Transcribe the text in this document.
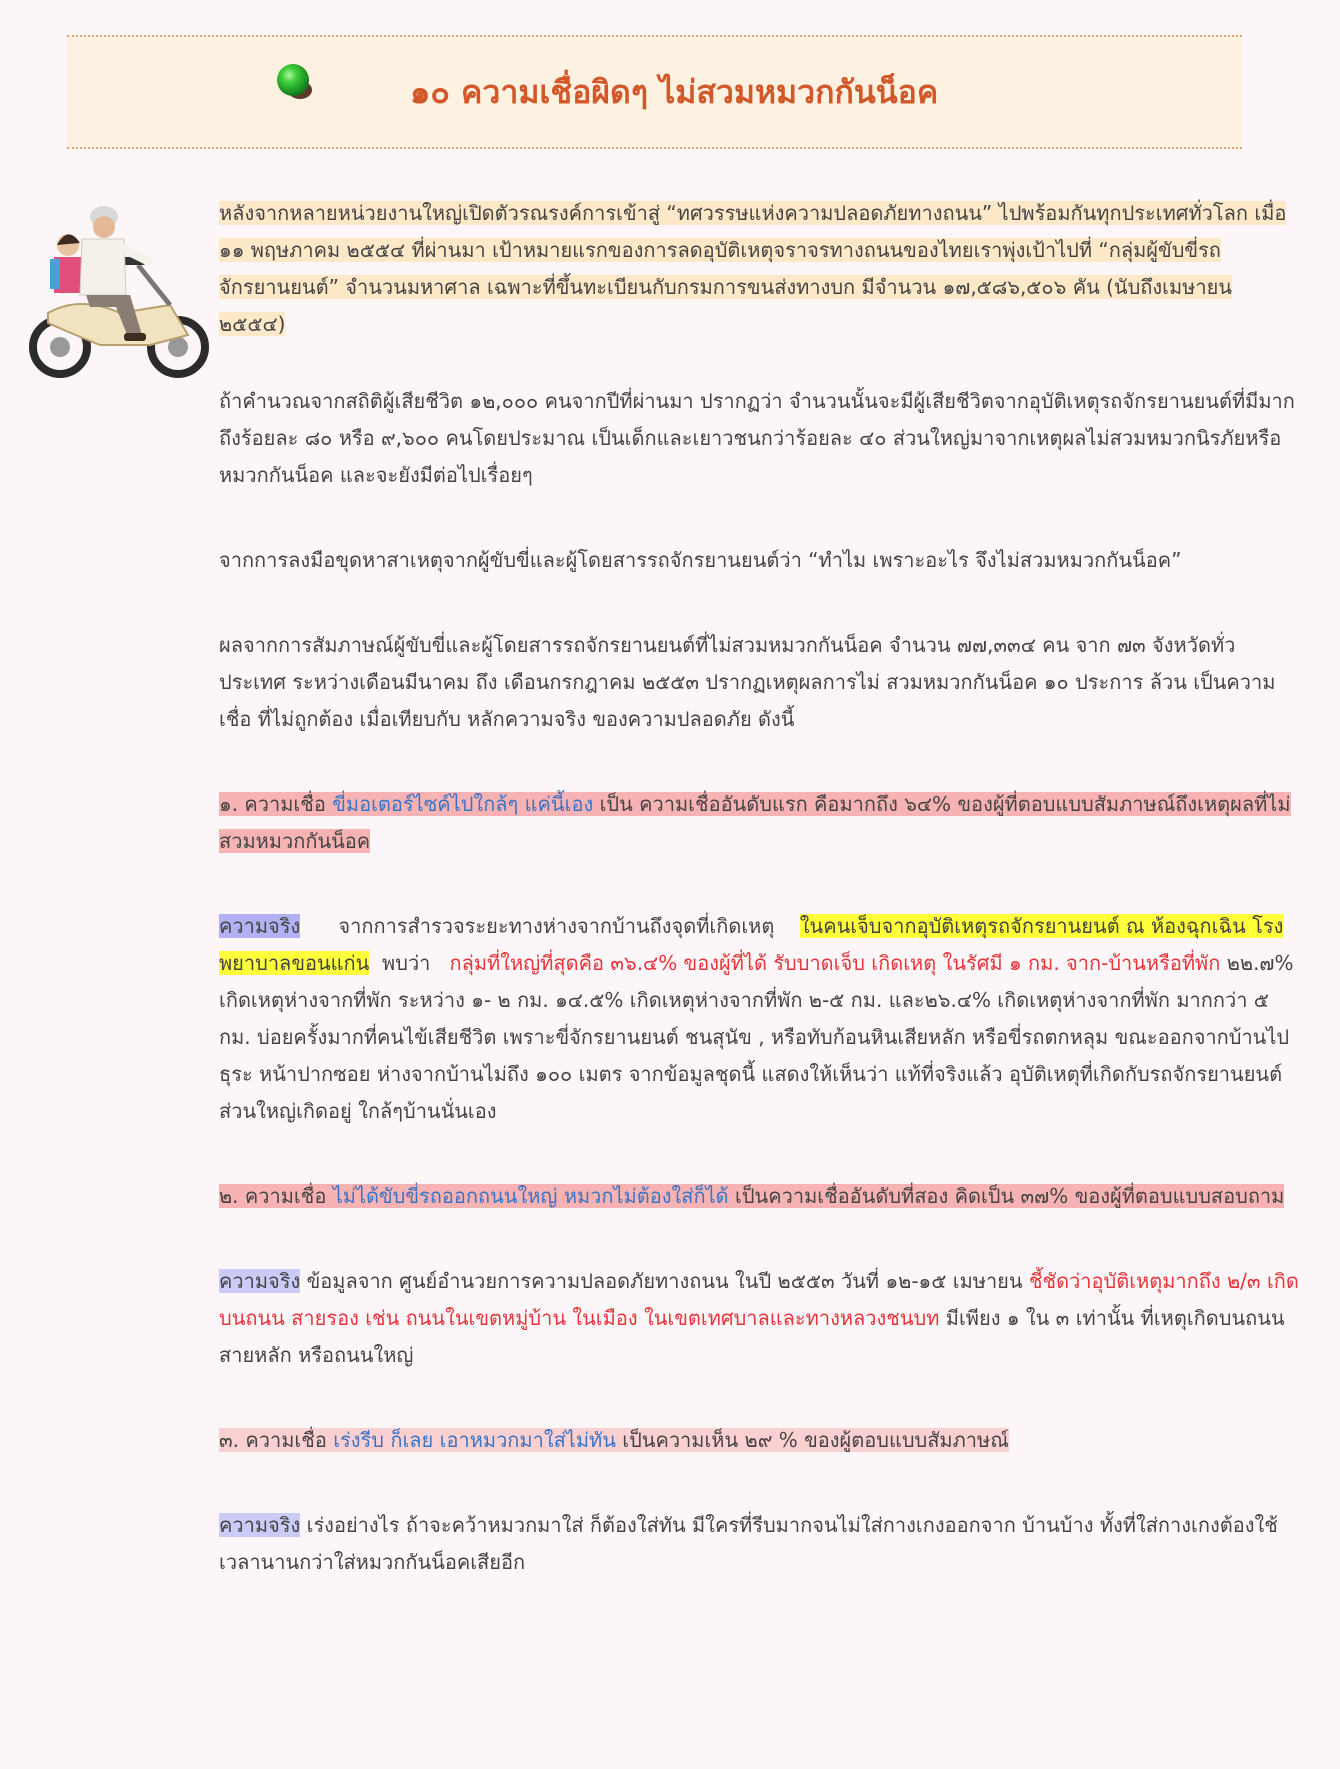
๑๐ ความเชื่อผิดๆ ไม่สวมหมวกกันน็อค

หลังจากหลายหน่วยงานใหญ่เปิดตัวรณรงค์การเข้าสู่ “ทศวรรษแห่งความปลอดภัยทางถนน” ไปพร้อมกันทุกประเทศทั่วโลก เมื่อ ๑๑ พฤษภาคม ๒๕๕๔ ที่ผ่านมา เป้าหมายแรกของการลดอุบัติเหตุจราจรทางถนนของไทยเราพุ่งเป้าไปที่ “กลุ่มผู้ขับขี่รถจักรยานยนต์” จำนวนมหาศาล เฉพาะที่ขึ้นทะเบียนกับกรมการขนส่งทางบก มีจำนวน ๑๗,๕๘๖,๕๐๖ คัน (นับถึงเมษายน ๒๕๕๔)

ถ้าคำนวณจากสถิติผู้เสียชีวิต ๑๒,๐๐๐ คนจากปีที่ผ่านมา ปรากฏว่า จำนวนนั้นจะมีผู้เสียชีวิตจากอุบัติเหตุรถจักรยานยนต์ที่มีมากถึงร้อยละ ๘๐ หรือ ๙,๖๐๐ คนโดยประมาณ เป็นเด็กและเยาวชนกว่าร้อยละ ๔๐ ส่วนใหญ่มาจากเหตุผลไม่สวมหมวกนิรภัยหรือหมวกกันน็อค และจะยังมีต่อไปเรื่อยๆ

จากการลงมือขุดหาสาเหตุจากผู้ขับขี่และผู้โดยสารรถจักรยานยนต์ว่า “ทำไม เพราะอะไร จึงไม่สวมหมวกกันน็อค”

ผลจากการสัมภาษณ์ผู้ขับขี่และผู้โดยสารรถจักรยานยนต์ที่ไม่สวมหมวกกันน็อค จำนวน ๗๗,๓๓๔ คน จาก ๗๓ จังหวัดทั่วประเทศ ระหว่างเดือนมีนาคม ถึง เดือนกรกฎาคม ๒๕๕๓ ปรากฏเหตุผลการไม่ สวมหมวกกันน็อค ๑๐ ประการ ล้วน เป็นความเชื่อ ที่ไม่ถูกต้อง เมื่อเทียบกับ หลักความจริง ของความปลอดภัย ดังนี้

๑. ความเชื่อ ขี่มอเตอร์ไซค์ไปใกล้ๆ แค่นี้เอง เป็น ความเชื่ออันดับแรก คือมากถึง ๖๔% ของผู้ที่ตอบแบบสัมภาษณ์ถึงเหตุผลที่ไม่สวมหมวกกันน็อค

ความจริง      จากการสำรวจระยะทางห่างจากบ้านถึงจุดที่เกิดเหตุ    ในคนเจ็บจากอุบัติเหตุรถจักรยานยนต์ ณ ห้องฉุกเฉิน โรงพยาบาลขอนแก่น  พบว่า   กลุ่มที่ใหญ่ที่สุดคือ ๓๖.๔% ของผู้ที่ได้ รับบาดเจ็บ เกิดเหตุ ในรัศมี ๑ กม. จาก-บ้านหรือที่พัก ๒๒.๗% เกิดเหตุห่างจากที่พัก ระหว่าง ๑- ๒ กม. ๑๔.๕% เกิดเหตุห่างจากที่พัก ๒-๕ กม. และ๒๖.๔% เกิดเหตุห่างจากที่พัก มากกว่า ๕ กม. บ่อยครั้งมากที่คนไข้เสียชีวิต เพราะขี่จักรยานยนต์ ชนสุนัข , หรือทับก้อนหินเสียหลัก หรือขี่รถตกหลุม ขณะออกจากบ้านไปธุระ หน้าปากซอย ห่างจากบ้านไม่ถึง ๑๐๐ เมตร จากข้อมูลชุดนี้ แสดงให้เห็นว่า แท้ที่จริงแล้ว อุบัติเหตุที่เกิดกับรถจักรยานยนต์ ส่วนใหญ่เกิดอยู่ ใกล้ๆบ้านนั่นเอง

๒. ความเชื่อ ไม่ได้ขับขี่รถออกถนนใหญ่ หมวกไม่ต้องใส่ก็ได้ เป็นความเชื่ออันดับที่สอง คิดเป็น ๓๗% ของผู้ที่ตอบแบบสอบถาม

ความจริง ข้อมูลจาก ศูนย์อำนวยการความปลอดภัยทางถนน ในปี ๒๕๕๓ วันที่ ๑๒-๑๕ เมษายน ชี้ชัดว่าอุบัติเหตุมากถึง ๒/๓ เกิดบนถนน สายรอง เช่น ถนนในเขตหมู่บ้าน ในเมือง ในเขตเทศบาลและทางหลวงชนบท มีเพียง ๑ ใน ๓ เท่านั้น ที่เหตุเกิดบนถนนสายหลัก หรือถนนใหญ่

๓. ความเชื่อ เร่งรีบ ก็เลย เอาหมวกมาใส่ไม่ทัน เป็นความเห็น ๒๙ % ของผู้ตอบแบบสัมภาษณ์

ความจริง เร่งอย่างไร ถ้าจะคว้าหมวกมาใส่ ก็ต้องใส่ทัน มีใครที่รีบมากจนไม่ใส่กางเกงออกจาก บ้านบ้าง ทั้งที่ใส่กางเกงต้องใช้เวลานานกว่าใส่หมวกกันน็อคเสียอีก
